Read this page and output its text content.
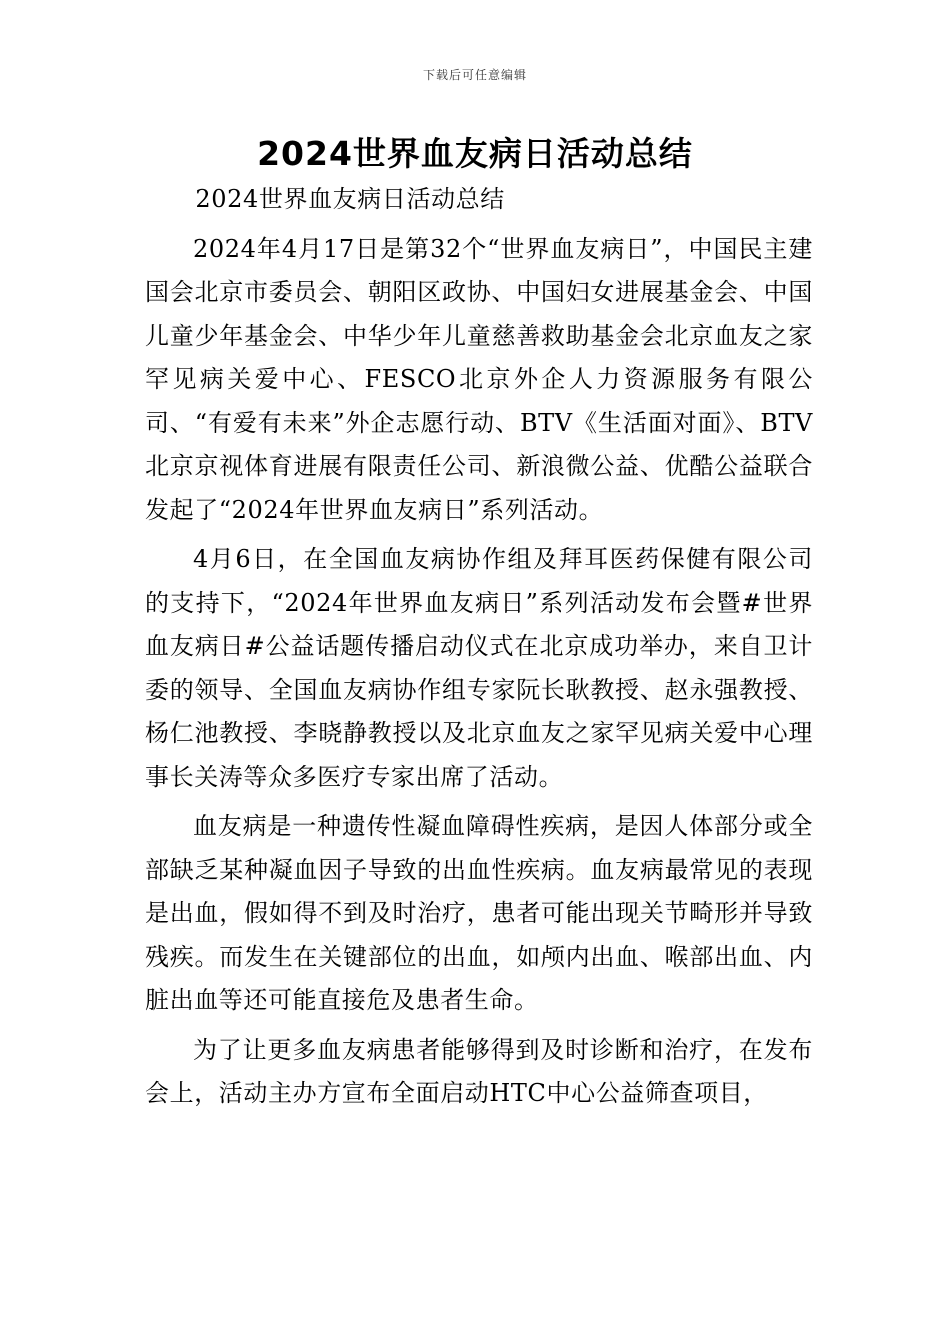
下载后可任意编辑
2024世界血友病日活动总结

2024世界血友病日活动总结

2024年4月17日是第32个“世界血友病日”，中国民主建国会北京市委员会、朝阳区政协、中国妇女进展基金会、中国儿童少年基金会、中华少年儿童慈善救助基金会北京血友之家罕见病关爱中心、FESCO北京外企人力资源服务有限公司、“有爱有未来”外企志愿行动、BTV《生活面对面》、BTV北京京视体育进展有限责任公司、新浪微公益、优酷公益联合发起了“2024年世界血友病日”系列活动。

4月6日，在全国血友病协作组及拜耳医药保健有限公司的支持下，“2024年世界血友病日”系列活动发布会暨#世界血友病日#公益话题传播启动仪式在北京成功举办，来自卫计委的领导、全国血友病协作组专家阮长耿教授、赵永强教授、杨仁池教授、李晓静教授以及北京血友之家罕见病关爱中心理事长关涛等众多医疗专家出席了活动。

血友病是一种遗传性凝血障碍性疾病，是因人体部分或全部缺乏某种凝血因子导致的出血性疾病。血友病最常见的表现是出血，假如得不到及时治疗，患者可能出现关节畸形并导致残疾。而发生在关键部位的出血，如颅内出血、喉部出血、内脏出血等还可能直接危及患者生命。

为了让更多血友病患者能够得到及时诊断和治疗，在发布会上，活动主办方宣布全面启动HTC中心公益筛查项目，
